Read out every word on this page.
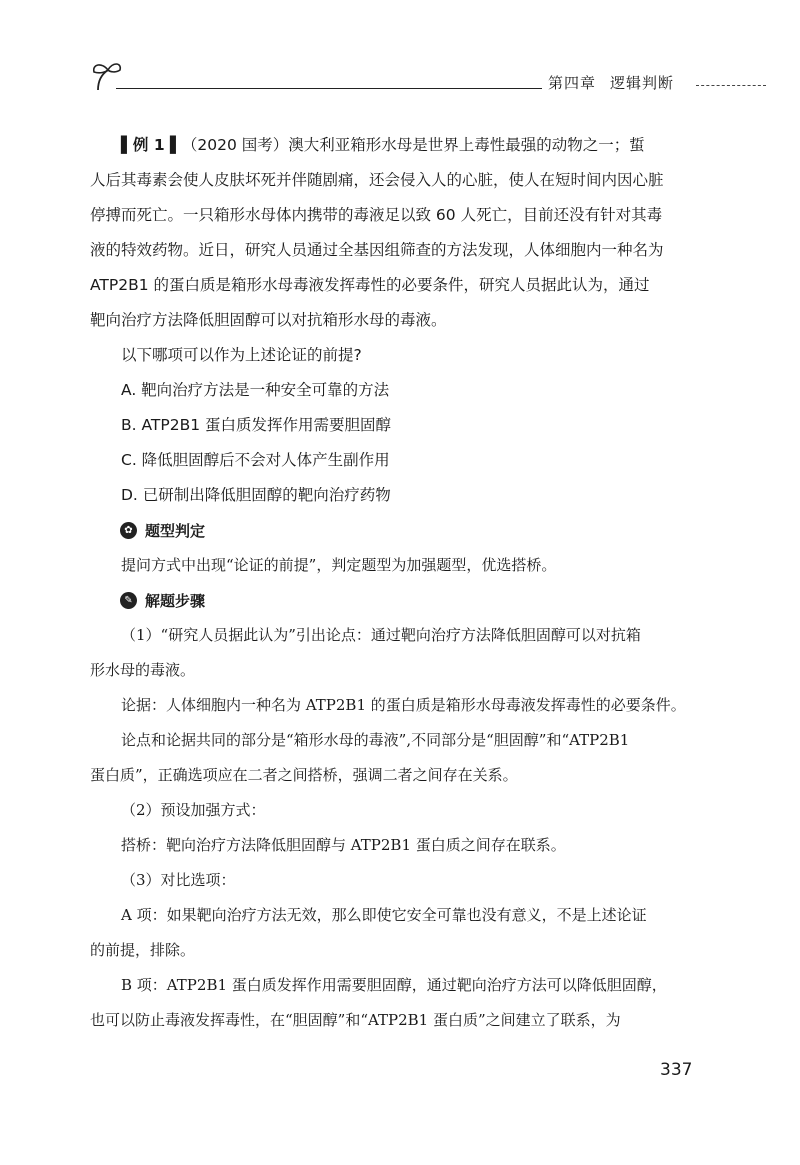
第四章 逻辑判断

▌例 1 ▌（2020 国考）澳大利亚箱形水母是世界上毒性最强的动物之一；蜇

人后其毒素会使人皮肤坏死并伴随剧痛，还会侵入人的心脏，使人在短时间内因心脏

停搏而死亡。一只箱形水母体内携带的毒液足以致 60 人死亡，目前还没有针对其毒

液的特效药物。近日，研究人员通过全基因组筛查的方法发现，人体细胞内一种名为

ATP2B1 的蛋白质是箱形水母毒液发挥毒性的必要条件，研究人员据此认为，通过

靶向治疗方法降低胆固醇可以对抗箱形水母的毒液。

以下哪项可以作为上述论证的前提?

A. 靶向治疗方法是一种安全可靠的方法

B. ATP2B1 蛋白质发挥作用需要胆固醇

C. 降低胆固醇后不会对人体产生副作用

D. 已研制出降低胆固醇的靶向治疗药物

✿ 题型判定

提问方式中出现“论证的前提”，判定题型为加强题型，优选搭桥。

✎ 解题步骤

（1）“研究人员据此认为”引出论点：通过靶向治疗方法降低胆固醇可以对抗箱

形水母的毒液。

论据：人体细胞内一种名为 ATP2B1 的蛋白质是箱形水母毒液发挥毒性的必要条件。

论点和论据共同的部分是“箱形水母的毒液”,不同部分是“胆固醇”和“ATP2B1

蛋白质”，正确选项应在二者之间搭桥，强调二者之间存在关系。

（2）预设加强方式：

搭桥：靶向治疗方法降低胆固醇与 ATP2B1 蛋白质之间存在联系。

（3）对比选项：

A 项：如果靶向治疗方法无效，那么即使它安全可靠也没有意义，不是上述论证

的前提，排除。

B 项：ATP2B1 蛋白质发挥作用需要胆固醇，通过靶向治疗方法可以降低胆固醇，

也可以防止毒液发挥毒性，在“胆固醇”和“ATP2B1 蛋白质”之间建立了联系，为

337
